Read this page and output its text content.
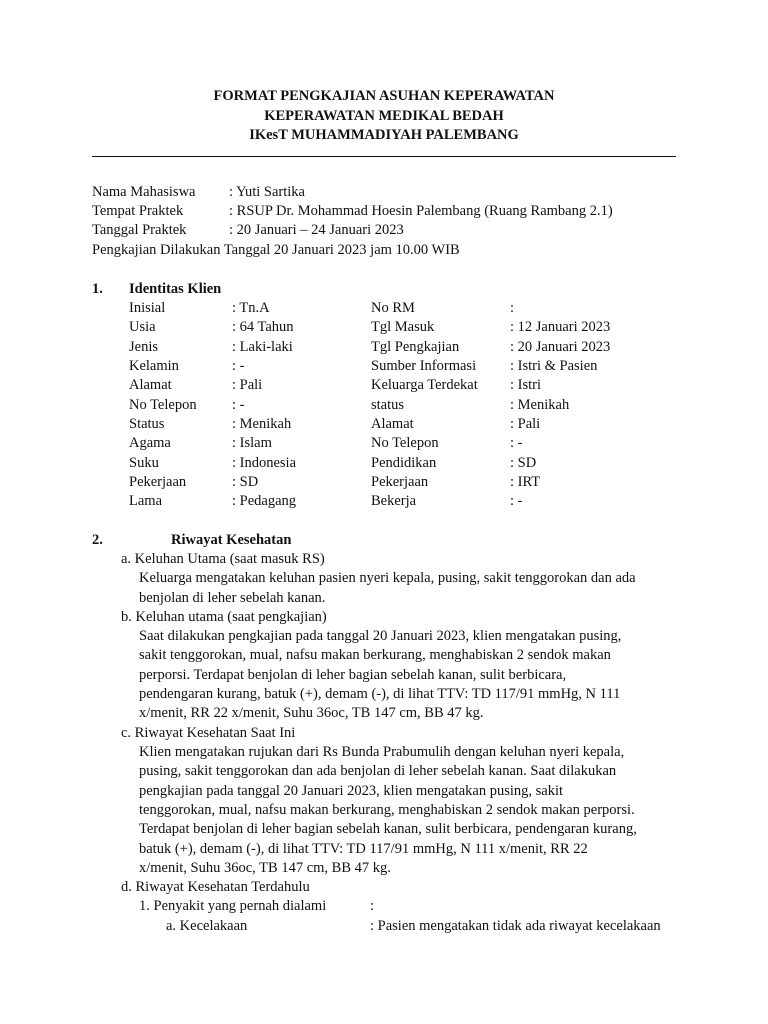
FORMAT PENGKAJIAN ASUHAN KEPERAWATAN
KEPERAWATAN MEDIKAL BEDAH
IKesT MUHAMMADIYAH PALEMBANG
Nama Mahasiswa : Yuti Sartika
Tempat Praktek	: RSUP Dr. Mohammad Hoesin Palembang (Ruang Rambang 2.1)
Tanggal Praktek	: 20 Januari – 24 Januari 2023
Pengkajian Dilakukan Tanggal 20 Januari 2023 jam 10.00 WIB
1. Identitas Klien
Inisial	: Tn.A	No RM	:
Usia	: 64 Tahun	Tgl Masuk	: 12 Januari 2023
Jenis	: Laki-laki	Tgl Pengkajian	: 20 Januari 2023
Kelamin	: -	Sumber Informasi : Istri & Pasien
Alamat	: Pali	Keluarga Terdekat : Istri
No Telepon : -	status	: Menikah
Status	: Menikah	Alamat	: Pali
Agama	: Islam	No Telepon	: -
Suku	: Indonesia	Pendidikan	: SD
Pekerjaan	: SD	Pekerjaan	: IRT
Lama	: Pedagang	Bekerja	: -
2.	Riwayat Kesehatan
a. Keluhan Utama (saat masuk RS)
Keluarga mengatakan keluhan pasien nyeri kepala, pusing, sakit tenggorokan dan ada
benjolan di leher sebelah kanan.
b. Keluhan utama (saat pengkajian)
Saat dilakukan pengkajian pada tanggal 20 Januari 2023, klien mengatakan pusing,
sakit tenggorokan, mual, nafsu makan berkurang, menghabiskan 2 sendok makan
perporsi. Terdapat benjolan di leher bagian sebelah kanan, sulit berbicara,
pendengaran kurang, batuk (+), demam (-), di lihat TTV: TD 117/91 mmHg, N 111
x/menit, RR 22 x/menit, Suhu 36oc, TB 147 cm, BB 47 kg.
c. Riwayat Kesehatan Saat Ini
Klien mengatakan rujukan dari Rs Bunda Prabumulih dengan keluhan nyeri kepala,
pusing, sakit tenggorokan dan ada benjolan di leher sebelah kanan. Saat dilakukan
pengkajian pada tanggal 20 Januari 2023, klien mengatakan pusing, sakit
tenggorokan, mual, nafsu makan berkurang, menghabiskan 2 sendok makan perporsi.
Terdapat benjolan di leher bagian sebelah kanan, sulit berbicara, pendengaran kurang,
batuk (+), demam (-), di lihat TTV: TD 117/91 mmHg, N 111 x/menit, RR 22
x/menit, Suhu 36oc, TB 147 cm, BB 47 kg.
d. Riwayat Kesehatan Terdahulu
1. Penyakit yang pernah dialami	:
a. Kecelakaan	: Pasien mengatakan tidak ada riwayat kecelakaan
